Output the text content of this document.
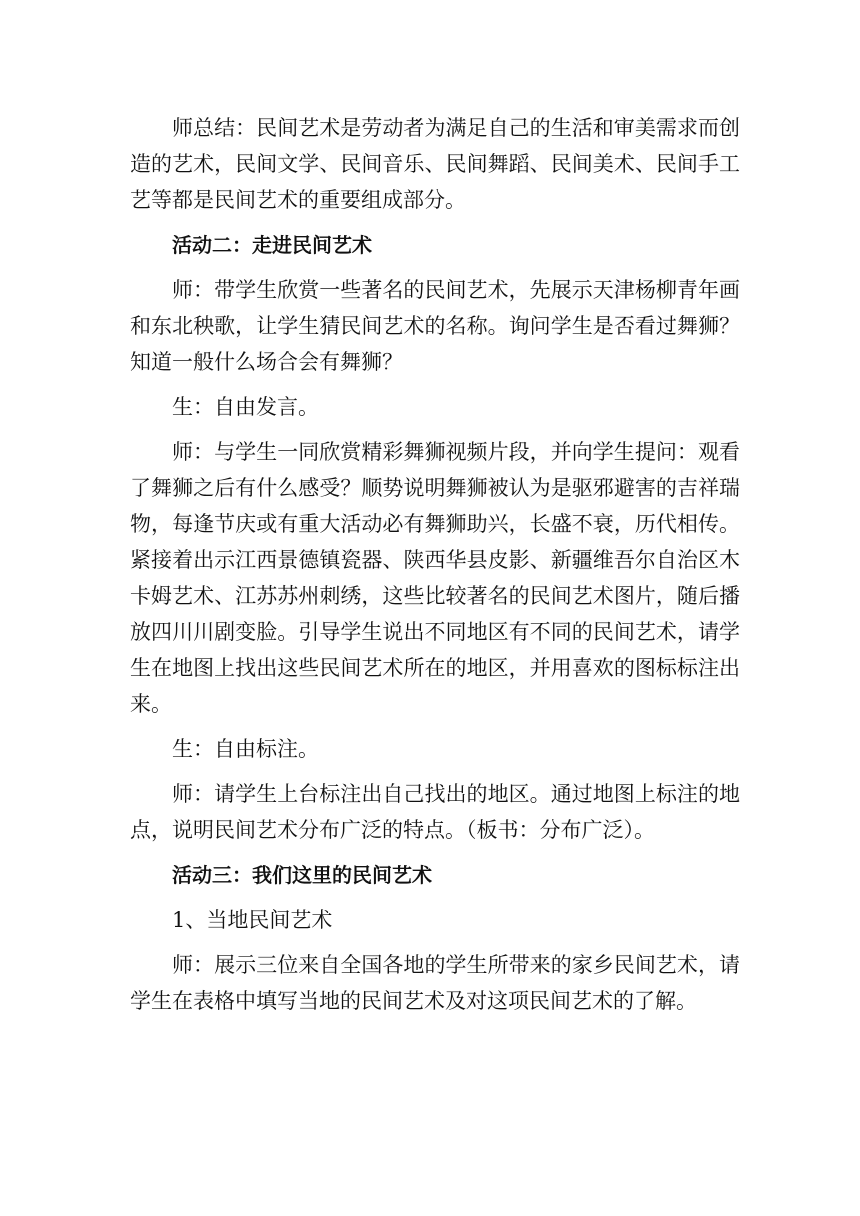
师总结：民间艺术是劳动者为满足自己的生活和审美需求而创造的艺术，民间文学、民间音乐、民间舞蹈、民间美术、民间手工艺等都是民间艺术的重要组成部分。

活动二：走进民间艺术

师：带学生欣赏一些著名的民间艺术，先展示天津杨柳青年画和东北秧歌，让学生猜民间艺术的名称。询问学生是否看过舞狮？知道一般什么场合会有舞狮？

生：自由发言。

师：与学生一同欣赏精彩舞狮视频片段，并向学生提问：观看了舞狮之后有什么感受？顺势说明舞狮被认为是驱邪避害的吉祥瑞物，每逢节庆或有重大活动必有舞狮助兴，长盛不衰，历代相传。紧接着出示江西景德镇瓷器、陕西华县皮影、新疆维吾尔自治区木卡姆艺术、江苏苏州刺绣，这些比较著名的民间艺术图片，随后播放四川川剧变脸。引导学生说出不同地区有不同的民间艺术，请学生在地图上找出这些民间艺术所在的地区，并用喜欢的图标标注出来。

生：自由标注。

师：请学生上台标注出自己找出的地区。通过地图上标注的地点，说明民间艺术分布广泛的特点。（板书：分布广泛）。

活动三：我们这里的民间艺术

1、当地民间艺术

师：展示三位来自全国各地的学生所带来的家乡民间艺术，请学生在表格中填写当地的民间艺术及对这项民间艺术的了解。
